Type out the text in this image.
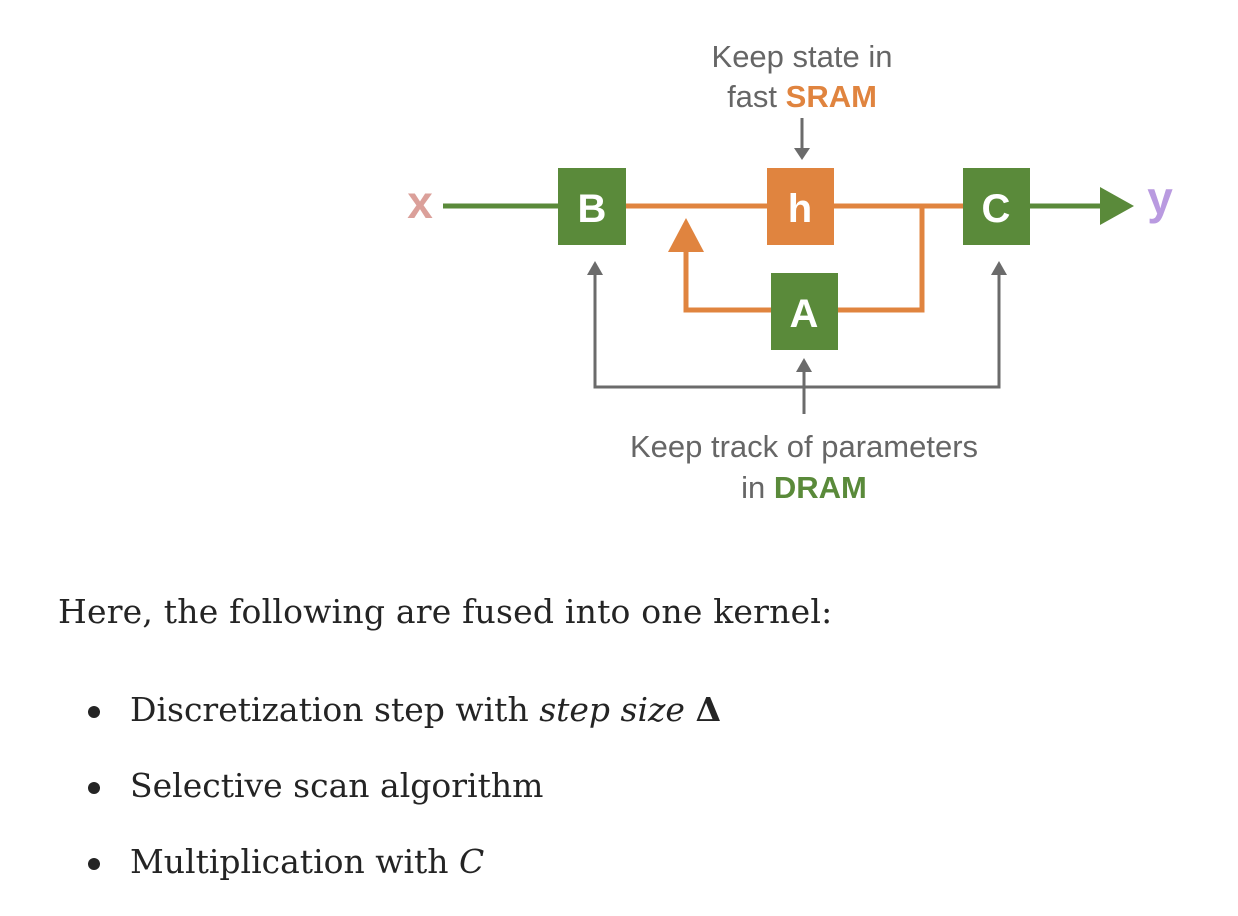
Keep state in
fast SRAM
x	y
B	h	C
A
Keep track of parameters
in DRAM

Here, the following are fused into one kernel:

Discretization step with step size Δ
Selective scan algorithm
Multiplication with C
